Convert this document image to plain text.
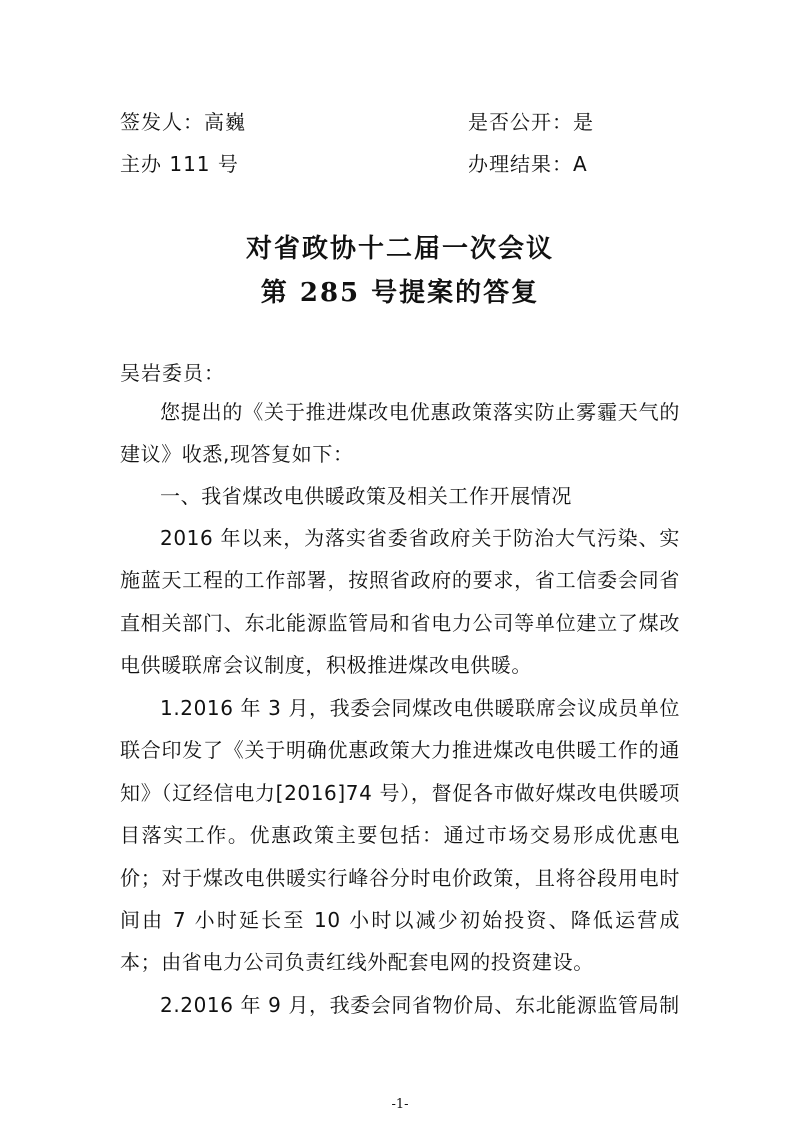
签发人：高巍	是否公开：是
主办 111 号	办理结果：A
对省政协十二届一次会议
第 285 号提案的答复
吴岩委员：

您提出的《关于推进煤改电优惠政策落实防止雾霾天气的建议》收悉,现答复如下：

一、我省煤改电供暖政策及相关工作开展情况

2016 年以来，为落实省委省政府关于防治大气污染、实施蓝天工程的工作部署，按照省政府的要求，省工信委会同省直相关部门、东北能源监管局和省电力公司等单位建立了煤改电供暖联席会议制度，积极推进煤改电供暖。

1.2016 年 3 月，我委会同煤改电供暖联席会议成员单位联合印发了《关于明确优惠政策大力推进煤改电供暖工作的通知》（辽经信电力[2016]74 号），督促各市做好煤改电供暖项目落实工作。优惠政策主要包括：通过市场交易形成优惠电价；对于煤改电供暖实行峰谷分时电价政策，且将谷段用电时间由 7 小时延长至 10 小时以减少初始投资、降低运营成本；由省电力公司负责红线外配套电网的投资建设。

2.2016 年 9 月，我委会同省物价局、东北能源监管局制

-1-
